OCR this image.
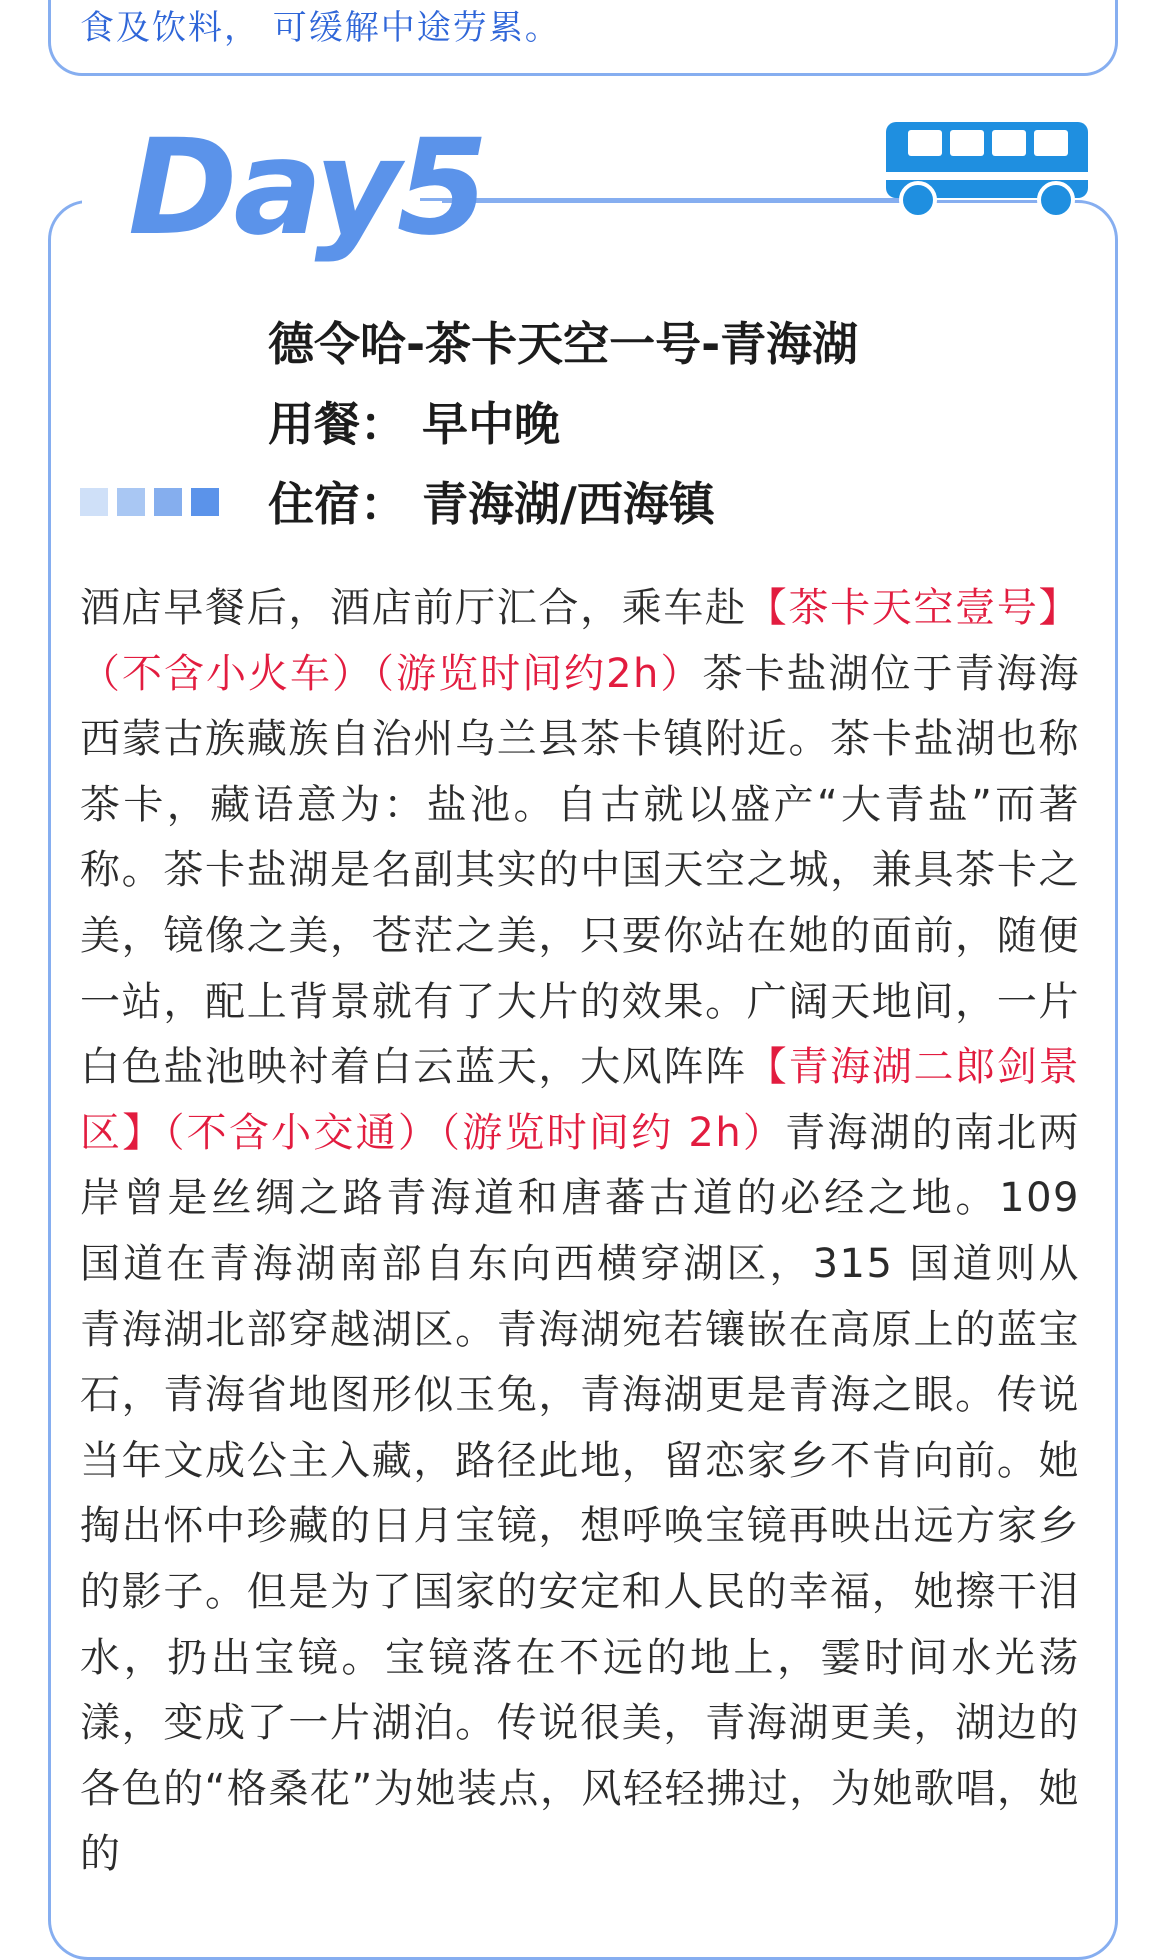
食及饮料， 可缓解中途劳累。
Day5
德令哈-茶卡天空一号-青海湖
用餐： 早中晚
住宿： 青海湖/西海镇
酒店早餐后，酒店前厅汇合，乘车赴【茶卡天空壹号】（不含小火车）（游览时间约2h）茶卡盐湖位于青海海西蒙古族藏族自治州乌兰县茶卡镇附近。茶卡盐湖也称茶卡，藏语意为：盐池。自古就以盛产“大青盐”而著称。茶卡盐湖是名副其实的中国天空之城，兼具茶卡之美，镜像之美，苍茫之美，只要你站在她的面前，随便一站，配上背景就有了大片的效果。广阔天地间，一片白色盐池映衬着白云蓝天，大风阵阵【青海湖二郎剑景区】（不含小交通）（游览时间约 2h）青海湖的南北两岸曾是丝绸之路青海道和唐蕃古道的必经之地。109 国道在青海湖南部自东向西横穿湖区，315 国道则从青海湖北部穿越湖区。青海湖宛若镶嵌在高原上的蓝宝石，青海省地图形似玉兔，青海湖更是青海之眼。传说当年文成公主入藏，路径此地，留恋家乡不肯向前。她掏出怀中珍藏的日月宝镜，想呼唤宝镜再映出远方家乡的影子。但是为了国家的安定和人民的幸福，她擦干泪水，扔出宝镜。宝镜落在不远的地上，霎时间水光荡漾，变成了一片湖泊。传说很美，青海湖更美，湖边的各色的“格桑花”为她装点，风轻轻拂过，为她歌唱，她的
